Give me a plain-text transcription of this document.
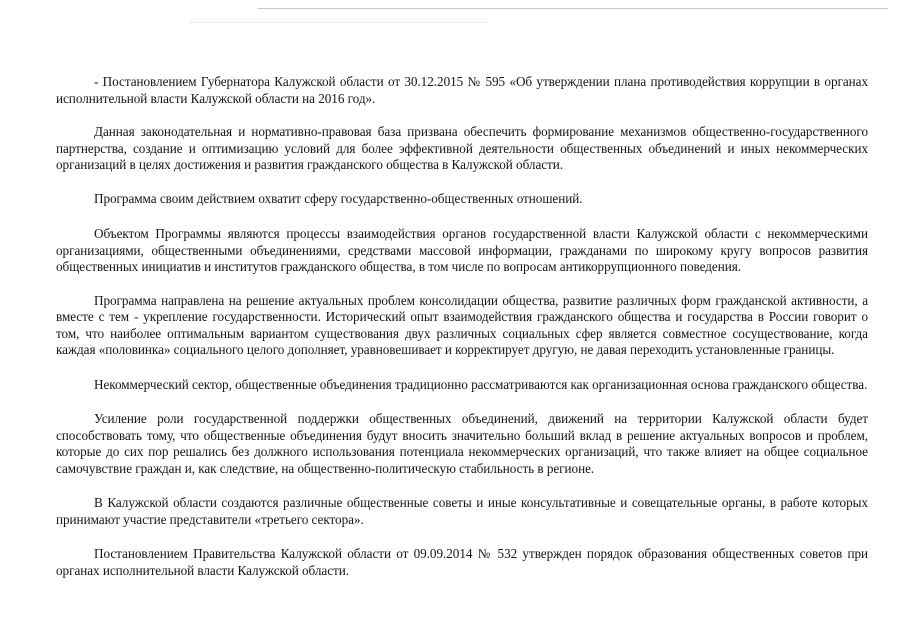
- Постановлением Губернатора Калужской области от 30.12.2015 № 595 «Об утверждении плана противодействия коррупции в органах исполнительной власти Калужской области на 2016 год».

Данная законодательная и нормативно-правовая база призвана обеспечить формирование механизмов общественно-государственного партнерства, создание и оптимизацию условий для более эффективной деятельности общественных объединений и иных некоммерческих организаций в целях достижения и развития гражданского общества в Калужской области.

Программа своим действием охватит сферу государственно-общественных отношений.

Объектом Программы являются процессы взаимодействия органов государственной власти Калужской области с некоммерческими организациями, общественными объединениями, средствами массовой информации, гражданами по широкому кругу вопросов развития общественных инициатив и институтов гражданского общества, в том числе по вопросам антикоррупционного поведения.

Программа направлена на решение актуальных проблем консолидации общества, развитие различных форм гражданской активности, а вместе с тем - укрепление государственности. Исторический опыт взаимодействия гражданского общества и государства в России говорит о том, что наиболее оптимальным вариантом существования двух различных социальных сфер является совместное сосуществование, когда каждая «половинка» социального целого дополняет, уравновешивает и корректирует другую, не давая переходить установленные границы.

Некоммерческий сектор, общественные объединения традиционно рассматриваются как организационная основа гражданского общества.

Усиление роли государственной поддержки общественных объединений, движений на территории Калужской области будет способствовать тому, что общественные объединения будут вносить значительно больший вклад в решение актуальных вопросов и проблем, которые до сих пор решались без должного использования потенциала некоммерческих организаций, что также влияет на общее социальное самочувствие граждан и, как следствие, на общественно-политическую стабильность в регионе.

В Калужской области создаются различные общественные советы и иные консультативные и совещательные органы, в работе которых принимают участие представители «третьего сектора».

Постановлением Правительства Калужской области от 09.09.2014 № 532 утвержден порядок образования общественных советов при органах исполнительной власти Калужской области.
